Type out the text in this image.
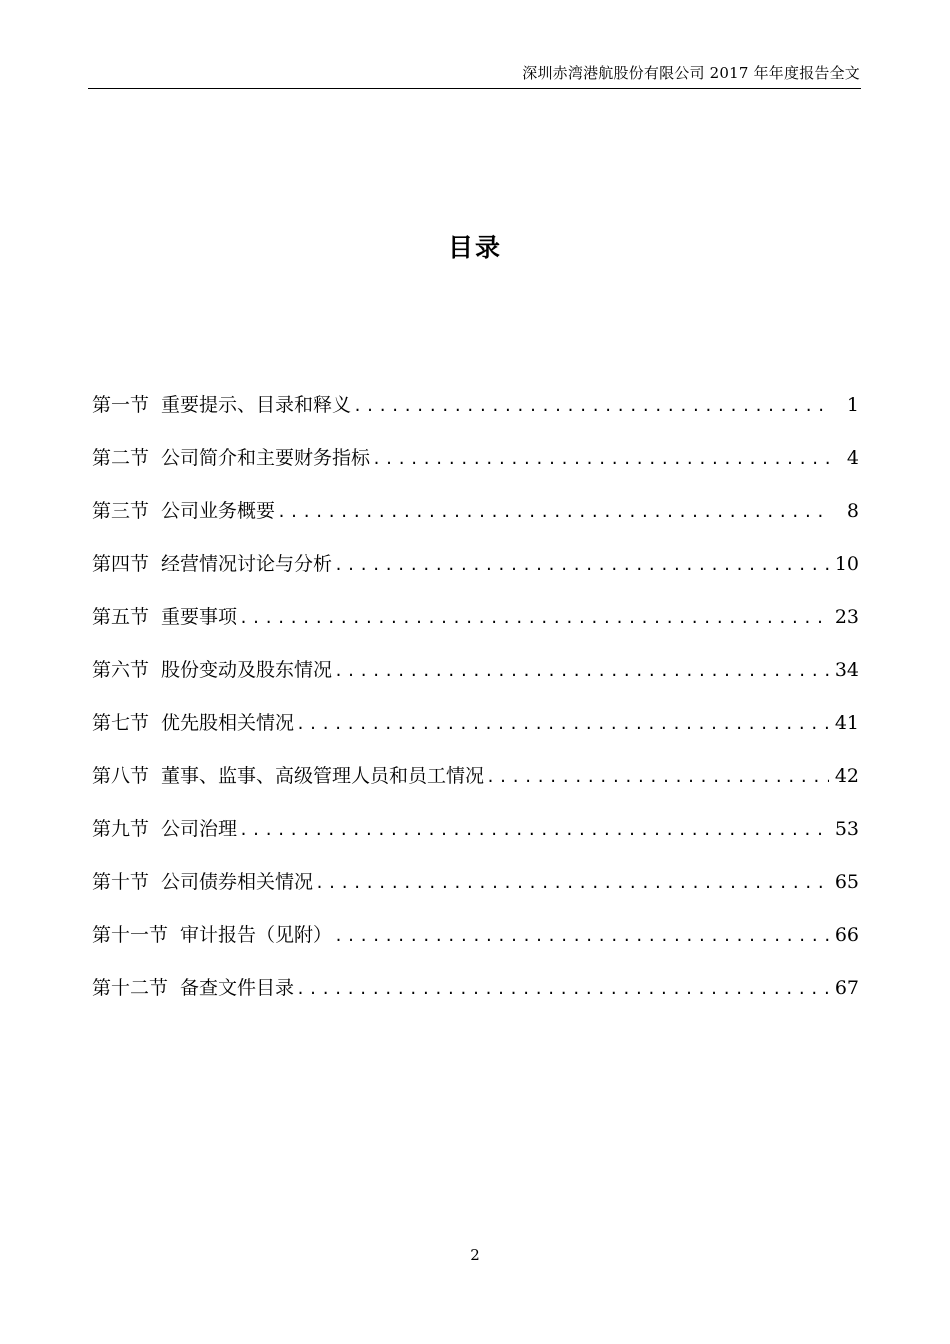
深圳赤湾港航股份有限公司 2017 年年度报告全文
目录
第一节 重要提示、目录和释义 .....	1
第二节 公司简介和主要财务指标 .....	4
第三节 公司业务概要 .....	8
第四节 经营情况讨论与分析 .....	10
第五节 重要事项 .....	23
第六节 股份变动及股东情况 .....	34
第七节 优先股相关情况 .....	41
第八节 董事、监事、高级管理人员和员工情况 .....	42
第九节 公司治理 .....	53
第十节 公司债券相关情况 .....	65
第十一节 审计报告（见附） .....	66
第十二节 备查文件目录 .....	67
2
